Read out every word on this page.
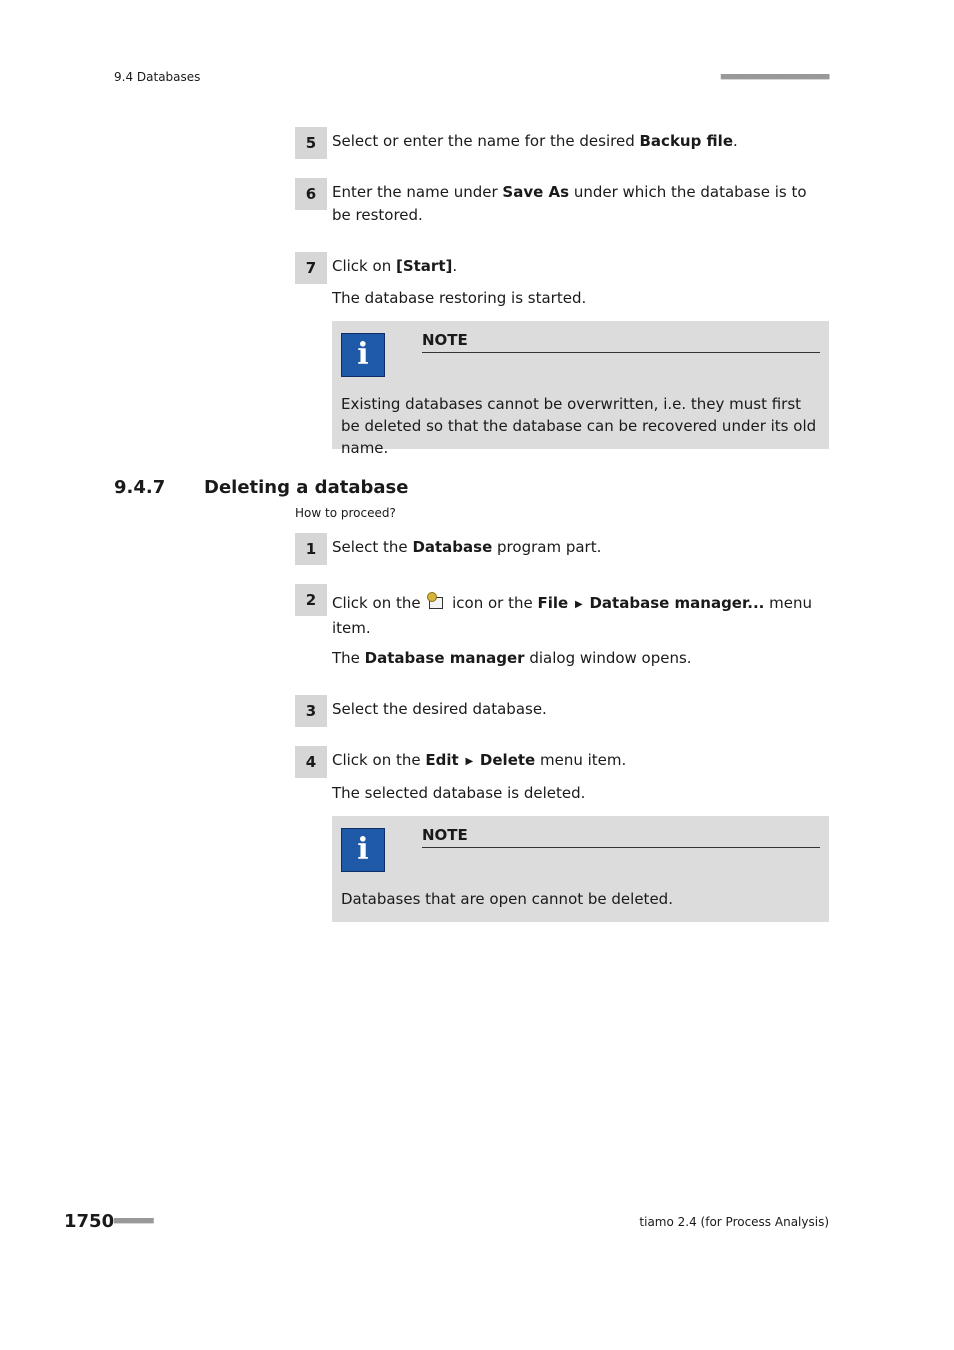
9.4 Databases	■■■■■■■■■■■■■■■■■■■■■■
5	Select or enter the name for the desired Backup file.
6	Enter the name under Save As under which the database is to be restored.
7	Click on [Start].
The database restoring is started.
i	NOTE
Existing databases cannot be overwritten, i.e. they must first be deleted so that the database can be recovered under its old name.
9.4.7 Deleting a database
How to proceed?
1	Select the Database program part.
2	Click on the
icon or the File ▶ Database manager... menu item.
The Database manager dialog window opens.
3	Select the desired database.
4	Click on the Edit ▶ Delete menu item.
The selected database is deleted.
i	NOTE
Databases that are open cannot be deleted.
1750 ■■■■■■■■	tiamo 2.4 (for Process Analysis)
